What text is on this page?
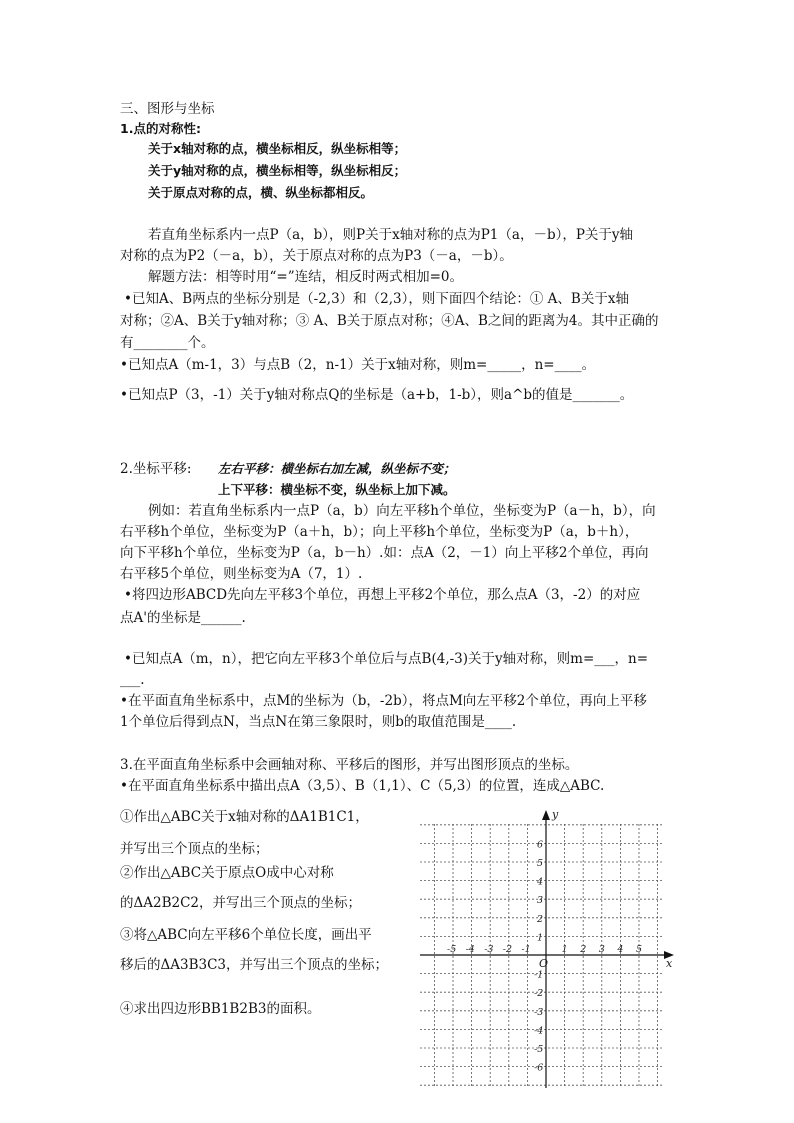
三、图形与坐标
1.点的对称性:
关于x轴对称的点，横坐标相反，纵坐标相等；
关于y轴对称的点，横坐标相等，纵坐标相反；
关于原点对称的点，横、纵坐标都相反。
若直角坐标系内一点P（a，b），则P关于x轴对称的点为P1（a，－b），P关于y轴
对称的点为P2（－a，b），关于原点对称的点为P3（－a，－b）。
解题方法：相等时用“=”连结，相反时两式相加=0。
•已知A、B两点的坐标分别是（-2,3）和（2,3），则下面四个结论：① A、B关于x轴
对称；②A、B关于y轴对称；③ A、B关于原点对称；④A、B之间的距离为4。其中正确的
有________个。
•已知点A（m-1，3）与点B（2，n-1）关于x轴对称，则m=_____，n=____。
•已知点P（3，-1）关于y轴对称点Q的坐标是（a+b，1-b），则a^b的值是_______。
2.坐标平移: 左右平移：横坐标右加左减，纵坐标不变；
上下平移：横坐标不变，纵坐标上加下减。
例如：若直角坐标系内一点P（a，b）向左平移h个单位，坐标变为P（a－h，b），向
右平移h个单位，坐标变为P（a＋h，b）；向上平移h个单位，坐标变为P（a，b＋h），
向下平移h个单位，坐标变为P（a，b－h）.如：点A（2，－1）向上平移2个单位，再向
右平移5个单位，则坐标变为A（7，1）.
•将四边形ABCD先向左平移3个单位，再想上平移2个单位，那么点A（3，-2）的对应
点A'的坐标是______.
•已知点A（m，n），把它向左平移3个单位后与点B(4,-3)关于y轴对称，则m=___，n=
___.
•在平面直角坐标系中，点M的坐标为（b，-2b），将点M向左平移2个单位，再向上平移
1个单位后得到点N，当点N在第三象限时，则b的取值范围是____.
3.在平面直角坐标系中会画轴对称、平移后的图形，并写出图形顶点的坐标。
•在平面直角坐标系中描出点A（3,5）、B（1,1）、C（5,3）的位置，连成△ABC.
①作出△ABC关于x轴对称的ΔA1B1C1，
并写出三个顶点的坐标；
②作出△ABC关于原点O成中心对称
的ΔA2B2C2，并写出三个顶点的坐标；
③将△ABC向左平移6个单位长度，画出平
移后的ΔA3B3C3，并写出三个顶点的坐标；
④求出四边形BB1B2B3的面积。
x
y
O
-5 -4 -3 -2 -1	1 2 3 4 5
6
5
4
3
2
1
-1
-2
-3
-4
-5
-6
